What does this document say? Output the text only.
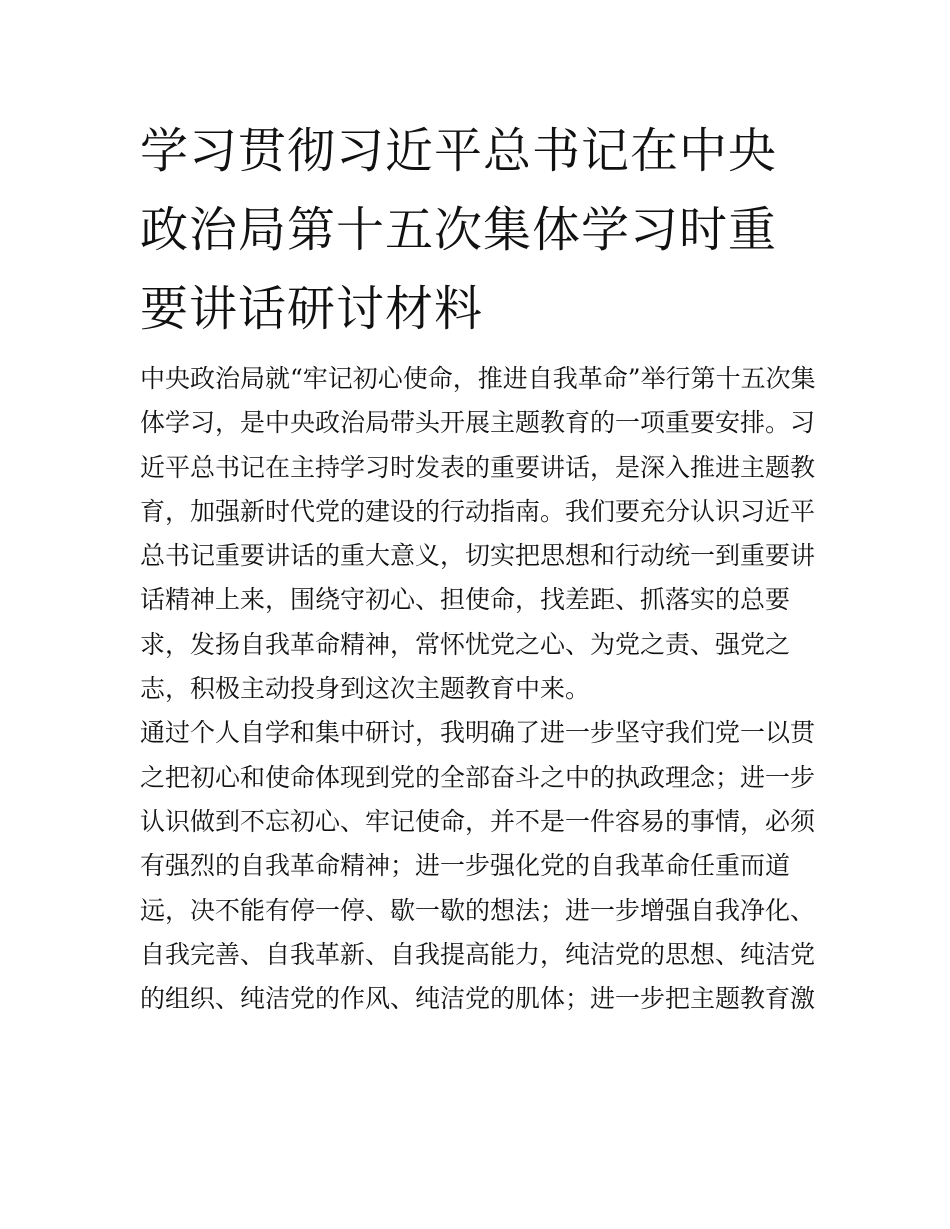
学习贯彻习近平总书记在中央
政治局第十五次集体学习时重
要讲话研讨材料
中央政治局就“牢记初心使命，推进自我革命”举行第十五次集
体学习，是中央政治局带头开展主题教育的一项重要安排。习
近平总书记在主持学习时发表的重要讲话，是深入推进主题教
育，加强新时代党的建设的行动指南。我们要充分认识习近平
总书记重要讲话的重大意义，切实把思想和行动统一到重要讲
话精神上来，围绕守初心、担使命，找差距、抓落实的总要
求，发扬自我革命精神，常怀忧党之心、为党之责、强党之
志，积极主动投身到这次主题教育中来。
通过个人自学和集中研讨，我明确了进一步坚守我们党一以贯
之把初心和使命体现到党的全部奋斗之中的执政理念；进一步
认识做到不忘初心、牢记使命，并不是一件容易的事情，必须
有强烈的自我革命精神；进一步强化党的自我革命任重而道
远，决不能有停一停、歇一歇的想法；进一步增强自我净化、
自我完善、自我革新、自我提高能力，纯洁党的思想、纯洁党
的组织、纯洁党的作风、纯洁党的肌体；进一步把主题教育激
